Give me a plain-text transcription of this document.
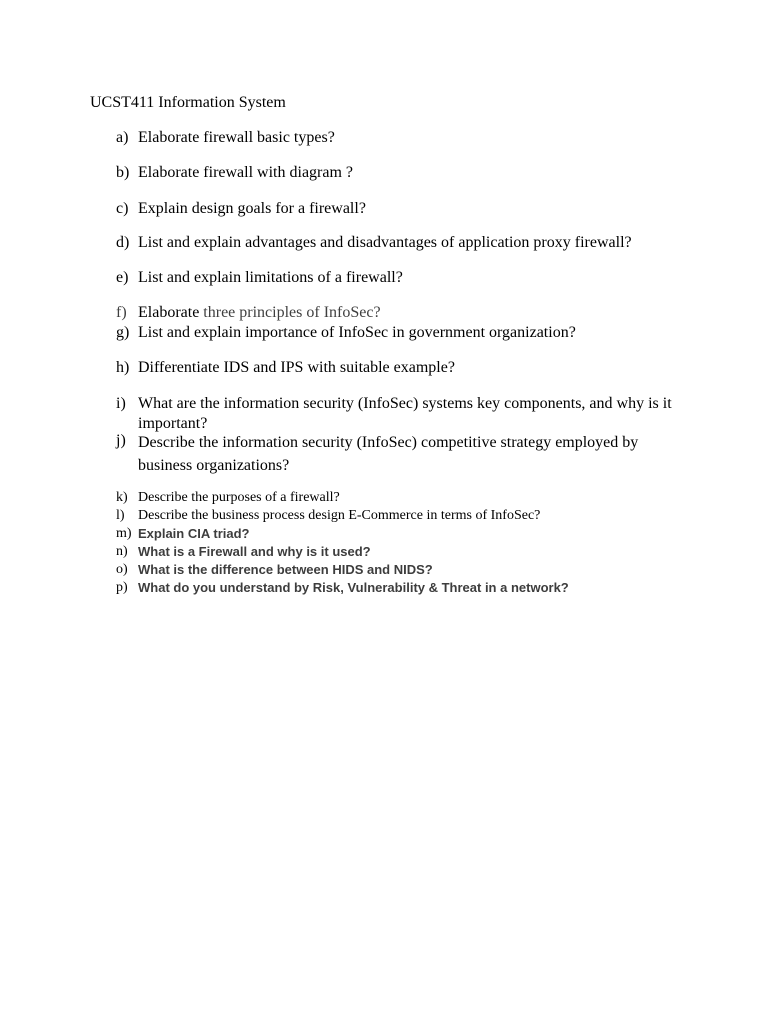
UCST411 Information System
a) Elaborate firewall basic types?
b) Elaborate firewall with diagram ?
c) Explain design goals for a firewall?
d) List and explain advantages and disadvantages of application proxy firewall?
e) List and explain limitations of a firewall?
f) Elaborate three principles of InfoSec?
g) List and explain importance of InfoSec in government organization?
h) Differentiate IDS and IPS with suitable example?
i) What are the information security (InfoSec) systems key components, and why is it important?
j) Describe the information security (InfoSec) competitive strategy employed by business organizations?
k) Describe the purposes of a firewall?
l) Describe the business process design E-Commerce in terms of InfoSec?
m) Explain CIA triad?
n) What is a Firewall and why is it used?
o) What is the difference between HIDS and NIDS?
p) What do you understand by Risk, Vulnerability & Threat in a network?
